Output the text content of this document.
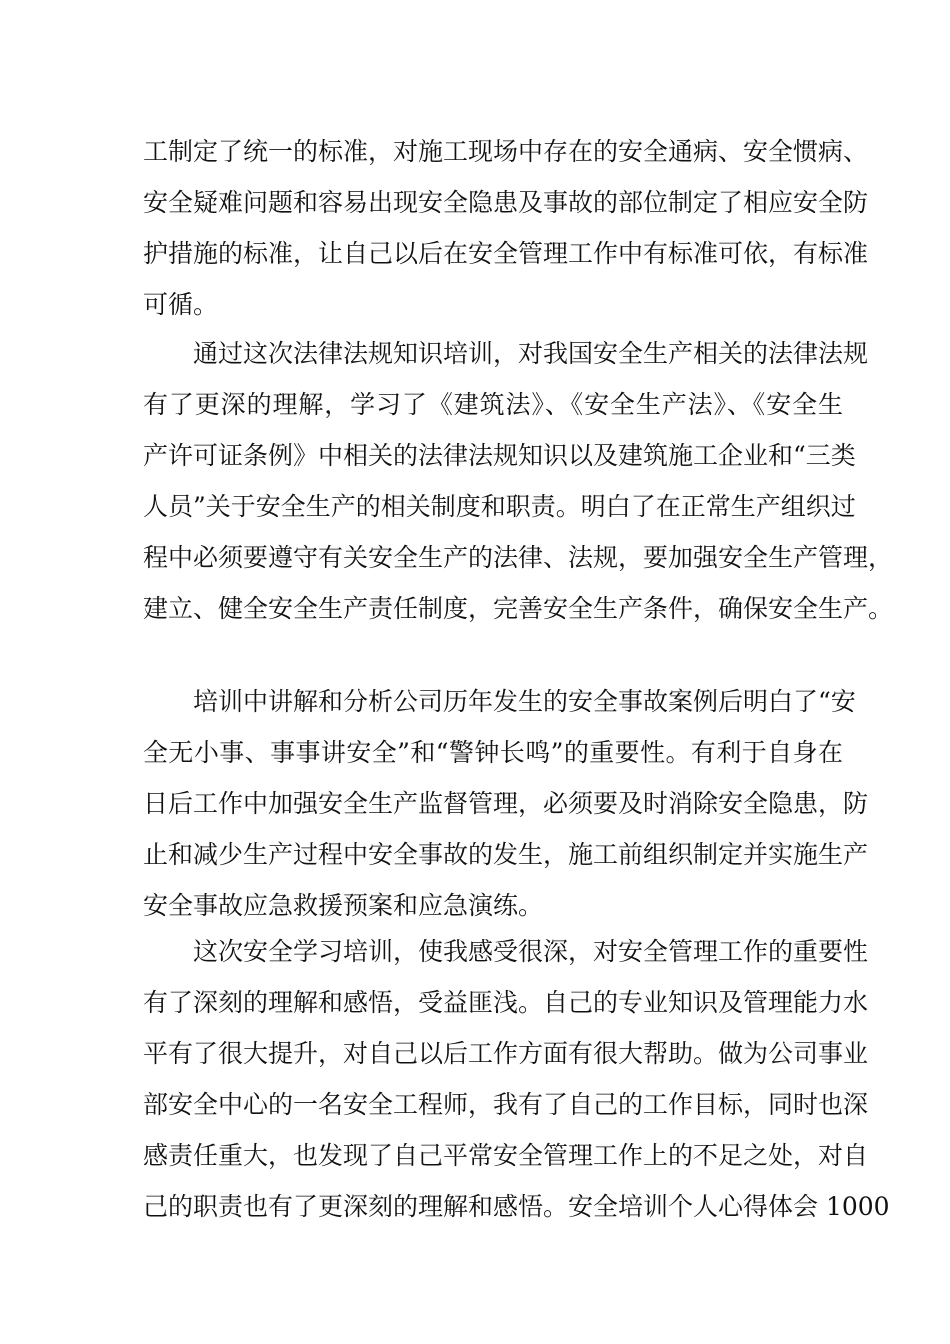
工制定了统一的标准，对施工现场中存在的安全通病、安全惯病、
安全疑难问题和容易出现安全隐患及事故的部位制定了相应安全防
护措施的标准，让自己以后在安全管理工作中有标准可依，有标准
可循。
通过这次法律法规知识培训，对我国安全生产相关的法律法规
有了更深的理解，学习了《建筑法》、《安全生产法》、《安全生
产许可证条例》中相关的法律法规知识以及建筑施工企业和“三类
人员”关于安全生产的相关制度和职责。明白了在正常生产组织过
程中必须要遵守有关安全生产的法律、法规，要加强安全生产管理，
建立、健全安全生产责任制度，完善安全生产条件，确保安全生产。
培训中讲解和分析公司历年发生的安全事故案例后明白了“安
全无小事、事事讲安全”和“警钟长鸣”的重要性。有利于自身在
日后工作中加强安全生产监督管理，必须要及时消除安全隐患，防
止和减少生产过程中安全事故的发生，施工前组织制定并实施生产
安全事故应急救援预案和应急演练。
这次安全学习培训，使我感受很深，对安全管理工作的重要性
有了深刻的理解和感悟，受益匪浅。自己的专业知识及管理能力水
平有了很大提升，对自己以后工作方面有很大帮助。做为公司事业
部安全中心的一名安全工程师，我有了自己的工作目标，同时也深
感责任重大，也发现了自己平常安全管理工作上的不足之处，对自
己的职责也有了更深刻的理解和感悟。安全培训个人心得体会 1000
